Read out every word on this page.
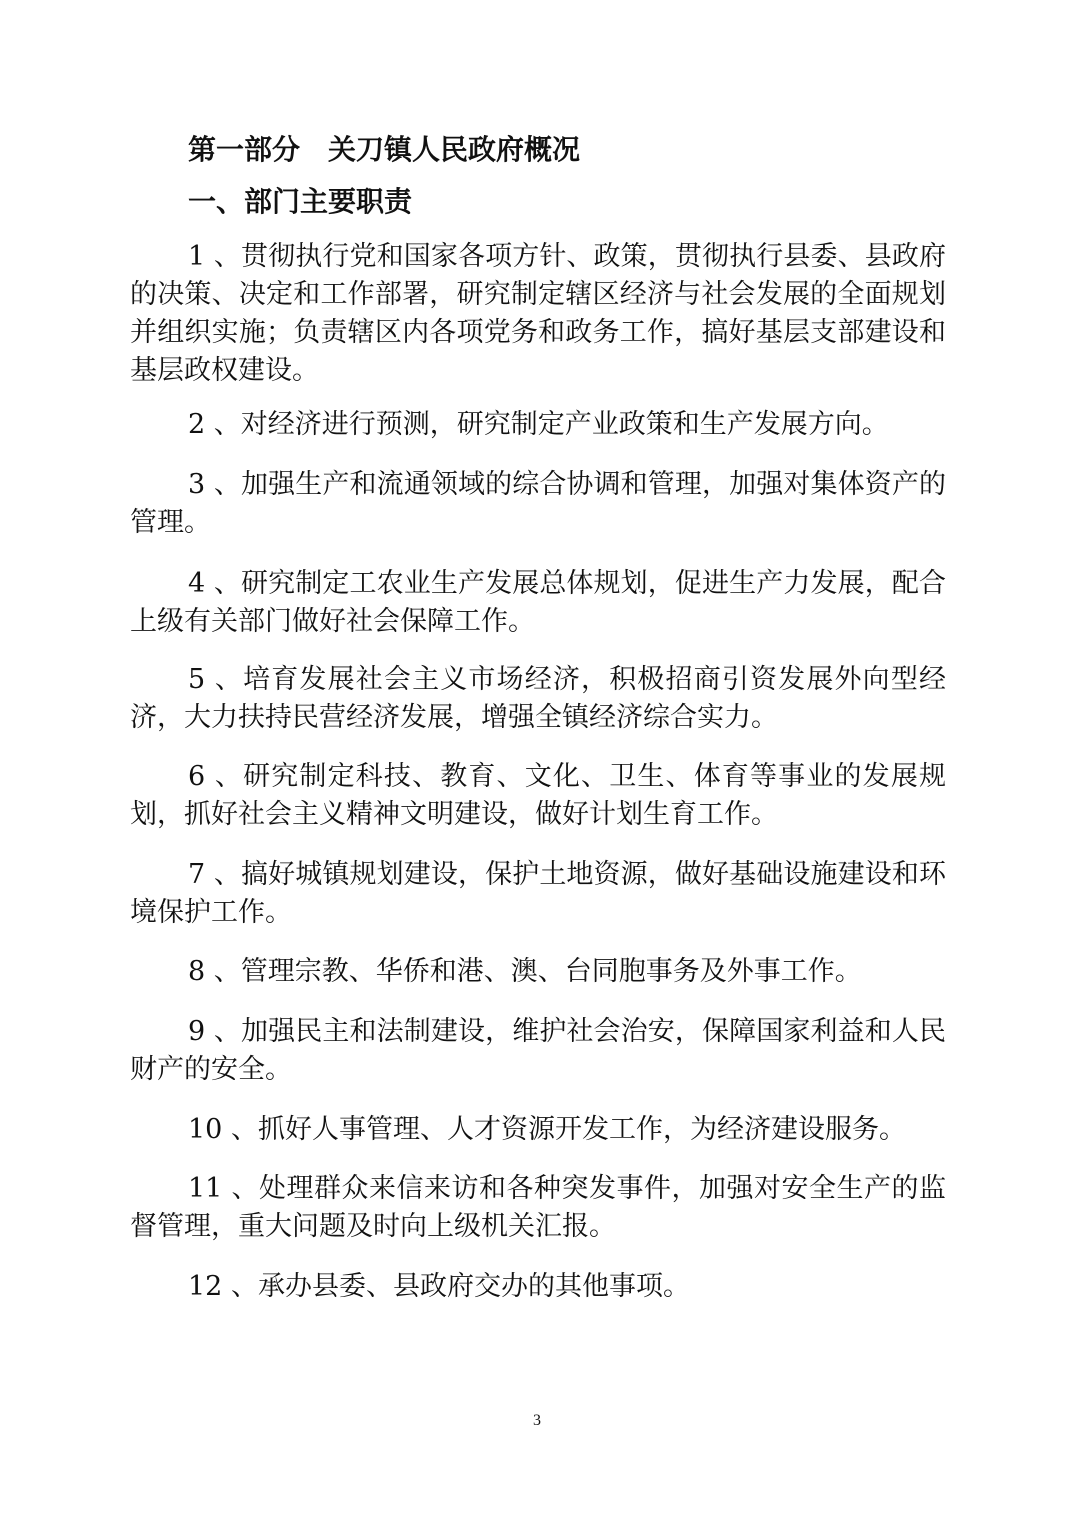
第一部分　关刀镇人民政府概况
一、部门主要职责

1 、贯彻执行党和国家各项方针、政策，贯彻执行县委、县政府的决策、决定和工作部署，研究制定辖区经济与社会发展的全面规划并组织实施；负责辖区内各项党务和政务工作，搞好基层支部建设和基层政权建设。

2 、对经济进行预测，研究制定产业政策和生产发展方向。

3 、加强生产和流通领域的综合协调和管理，加强对集体资产的管理。

4 、研究制定工农业生产发展总体规划，促进生产力发展，配合上级有关部门做好社会保障工作。

5 、培育发展社会主义市场经济，积极招商引资发展外向型经济，大力扶持民营经济发展，增强全镇经济综合实力。

6 、研究制定科技、教育、文化、卫生、体育等事业的发展规划，抓好社会主义精神文明建设，做好计划生育工作。

7 、搞好城镇规划建设，保护土地资源，做好基础设施建设和环境保护工作。

8 、管理宗教、华侨和港、澳、台同胞事务及外事工作。

9 、加强民主和法制建设，维护社会治安，保障国家利益和人民财产的安全。

10 、抓好人事管理、人才资源开发工作，为经济建设服务。

11 、处理群众来信来访和各种突发事件，加强对安全生产的监督管理，重大问题及时向上级机关汇报。

12 、承办县委、县政府交办的其他事项。

3
